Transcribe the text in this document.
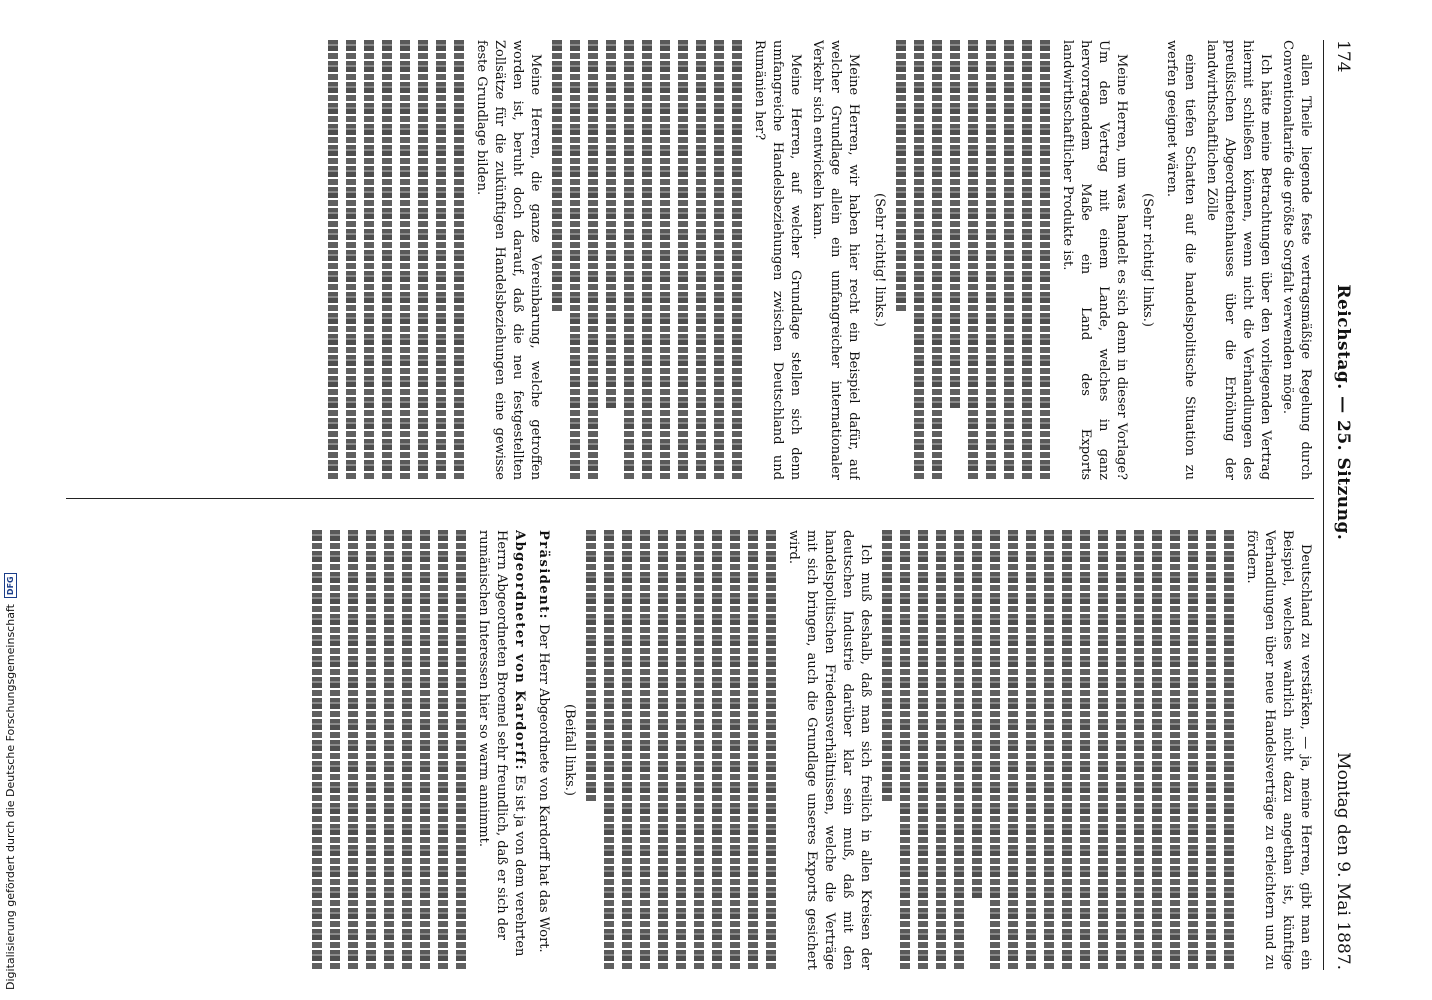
174
Reichstag. — 25. Sitzung.
Montag den 9. Mai 1887.

allen Theile liegende feste vertragsmäßige Regelung durch Conventionaltarife die größte Sorgfalt verwenden möge.

Ich hätte meine Betrachtungen über den vorliegenden Vertrag hiermit schließen können, wenn nicht die Verhandlungen des preußischen Abgeordnetenhauses über die Erhöhung der landwirthschaftlichen Zölle

einen tiefen Schatten auf die handelspolitische Situation zu werfen geeignet wären.

(Sehr richtig! links.)

Meine Herren, um was handelt es sich denn in dieser Vorlage? Um den Vertrag mit einem Lande, welches in ganz hervorragendem Maße ein Land des Exports landwirthschaftlicher Produkte ist.

(Sehr richtig! links.)

Meine Herren, wir haben hier recht ein Beispiel dafür, auf welcher Grundlage allein ein umfangreicher internationaler Verkehr sich entwickeln kann.

Meine Herren, auf welcher Grundlage stellen sich denn umfangreiche Handelsbeziehungen zwischen Deutschland und Rumänien her?

Meine Herren, die ganze Vereinbarung, welche getroffen worden ist, beruht doch darauf, daß die neu festgestellten Zollsätze für die zukünftigen Handelsbeziehungen eine gewisse feste Grundlage bilden.

Deutschland zu verstärken, — ja, meine Herren, gibt man ein Beispiel, welches wahrlich nicht dazu angethan ist, künftige Verhandlungen über neue Handelsverträge zu erleichtern und zu fördern.

Ich muß deshalb, daß man sich freilich in allen Kreisen der deutschen Industrie darüber klar sein muß, daß mit den handelspolitischen Friedensverhältnissen, welche die Verträge mit sich bringen, auch die Grundlage unseres Exports gesichert wird.

(Beifall links.)

Präsident: Der Herr Abgeordnete von Kardorff hat das Wort.

Abgeordneter von Kardorff: Es ist ja von dem verehrten Herrn Abgeordneten Broemel sehr freundlich, daß er sich der rumänischen Interessen hier so warm annimmt.

Digitalisierung gefördert durch die Deutsche Forschungsgemeinschaft
DFG
